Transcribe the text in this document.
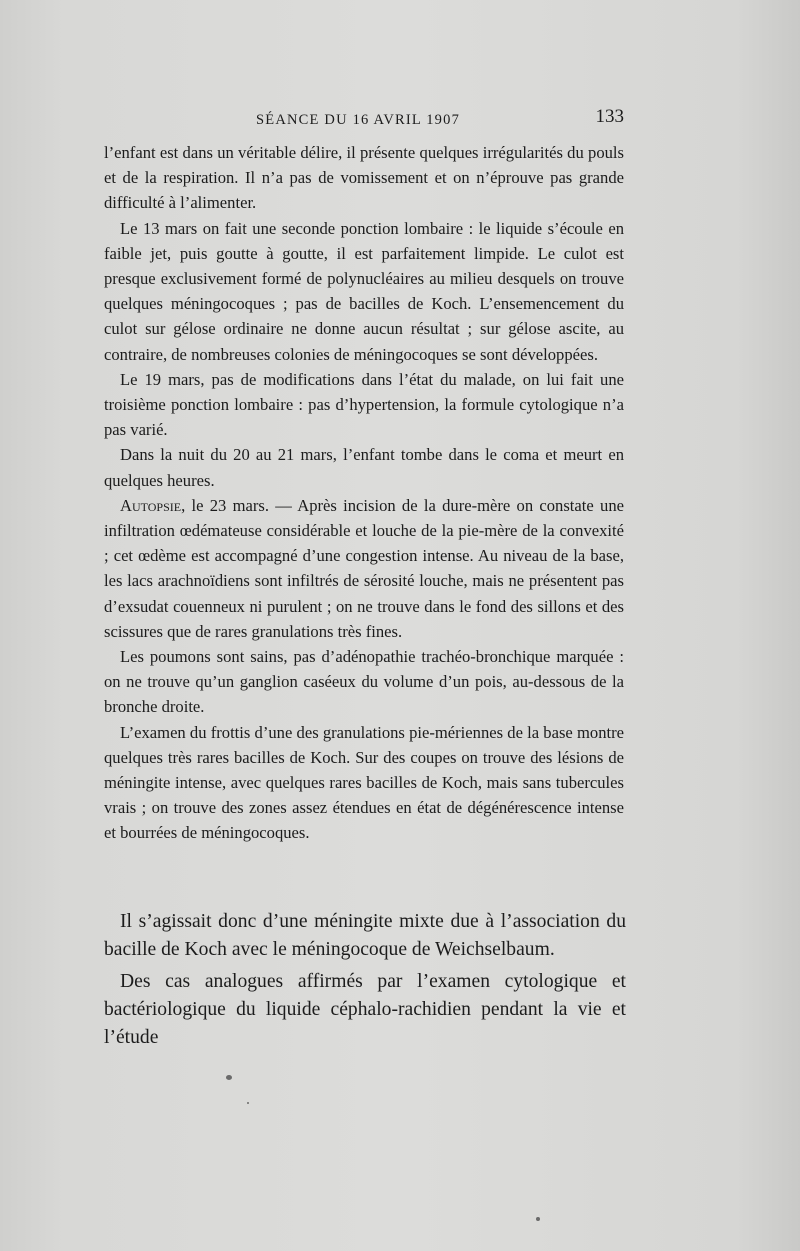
SÉANCE DU 16 AVRIL 1907	133

l’enfant est dans un véritable délire, il présente quelques irrégularités du pouls et de la respiration. Il n’a pas de vomissement et on n’éprouve pas grande difficulté à l’alimenter.

Le 13 mars on fait une seconde ponction lombaire : le liquide s’écoule en faible jet, puis goutte à goutte, il est parfaitement limpide. Le culot est presque exclusivement formé de polynucléaires au milieu desquels on trouve quelques méningocoques ; pas de bacilles de Koch. L’ensemencement du culot sur gélose ordinaire ne donne aucun résultat ; sur gélose ascite, au contraire, de nombreuses colonies de méningocoques se sont développées.

Le 19 mars, pas de modifications dans l’état du malade, on lui fait une troisième ponction lombaire : pas d’hypertension, la formule cytologique n’a pas varié.

Dans la nuit du 20 au 21 mars, l’enfant tombe dans le coma et meurt en quelques heures.

Autopsie, le 23 mars. — Après incision de la dure-mère on constate une infiltration œdémateuse considérable et louche de la pie-mère de la convexité ; cet œdème est accompagné d’une congestion intense. Au niveau de la base, les lacs arachnoïdiens sont infiltrés de sérosité louche, mais ne présentent pas d’exsudat couenneux ni purulent ; on ne trouve dans le fond des sillons et des scissures que de rares granulations très fines.

Les poumons sont sains, pas d’adénopathie trachéo-bronchique marquée : on ne trouve qu’un ganglion caséeux du volume d’un pois, au-dessous de la bronche droite.

L’examen du frottis d’une des granulations pie-mériennes de la base montre quelques très rares bacilles de Koch. Sur des coupes on trouve des lésions de méningite intense, avec quelques rares bacilles de Koch, mais sans tubercules vrais ; on trouve des zones assez étendues en état de dégénérescence intense et bourrées de méningocoques.

Il s’agissait donc d’une méningite mixte due à l’association du bacille de Koch avec le méningocoque de Weichselbaum.

Des cas analogues affirmés par l’examen cytologique et bactériologique du liquide céphalo-rachidien pendant la vie et l’étude
